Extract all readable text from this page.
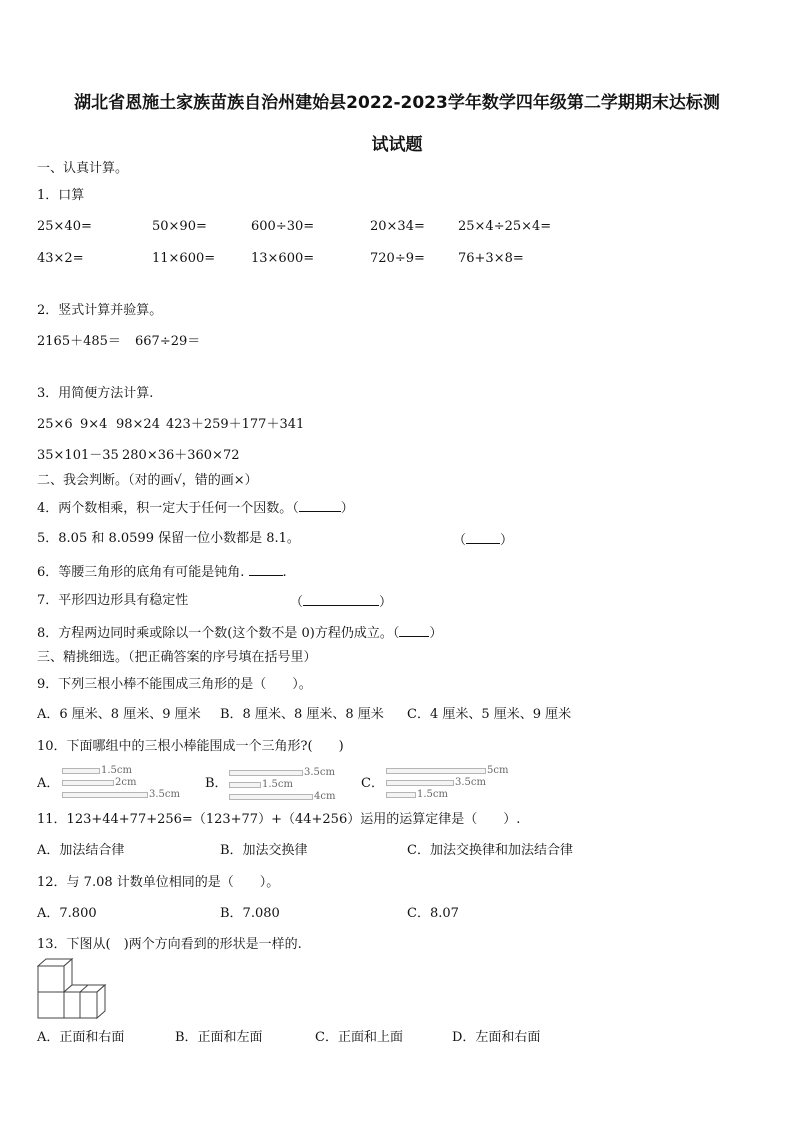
湖北省恩施土家族苗族自治州建始县2022-2023学年数学四年级第二学期期末达标测
试试题
一、认真计算。
1．口算
25×40=	50×90=	600÷30=	20×34=	25×4÷25×4=
43×2=	11×600=	13×600=	720÷9=	76+3×8=
2．竖式计算并验算。
2165＋485＝ 667÷29＝
3．用简便方法计算.
25×6 9×4 98×24 423＋259＋177＋341
35×101－35 280×36＋360×72
二、我会判断。（对的画√，错的画×）
4．两个数相乘，积一定大于任何一个因数。（	）
5．8.05 和 8.0599 保留一位小数都是 8.1。	（	）
6．等腰三角形的底角有可能是钝角.	.
7．平形四边形具有稳定性	（	）
8．方程两边同时乘或除以一个数(这个数不是 0)方程仍成立。（ ）
三、精挑细选。（把正确答案的序号填在括号里）
9．下列三根小棒不能围成三角形的是（　　）。
A．6 厘米、8 厘米、9 厘米 B．8 厘米、8 厘米、8 厘米 C．4 厘米、5 厘米、9 厘米
10．下面哪组中的三根小棒能围成一个三角形?(　　)
A．
1.5cm
2cm
3.5cm
B．
3.5cm
1.5cm
4cm
C．
5cm
3.5cm
1.5cm
11．123+44+77+256=（123+77）+（44+256）运用的运算定律是（　　）.
A．加法结合律	B．加法交换律	C．加法交换律和加法结合律
12．与 7.08 计数单位相同的是（　　）。
A．7.800	B．7.080	C．8.07
13．下图从(　)两个方向看到的形状是一样的.
A．正面和右面	B．正面和左面	C．正面和上面	D．左面和右面
